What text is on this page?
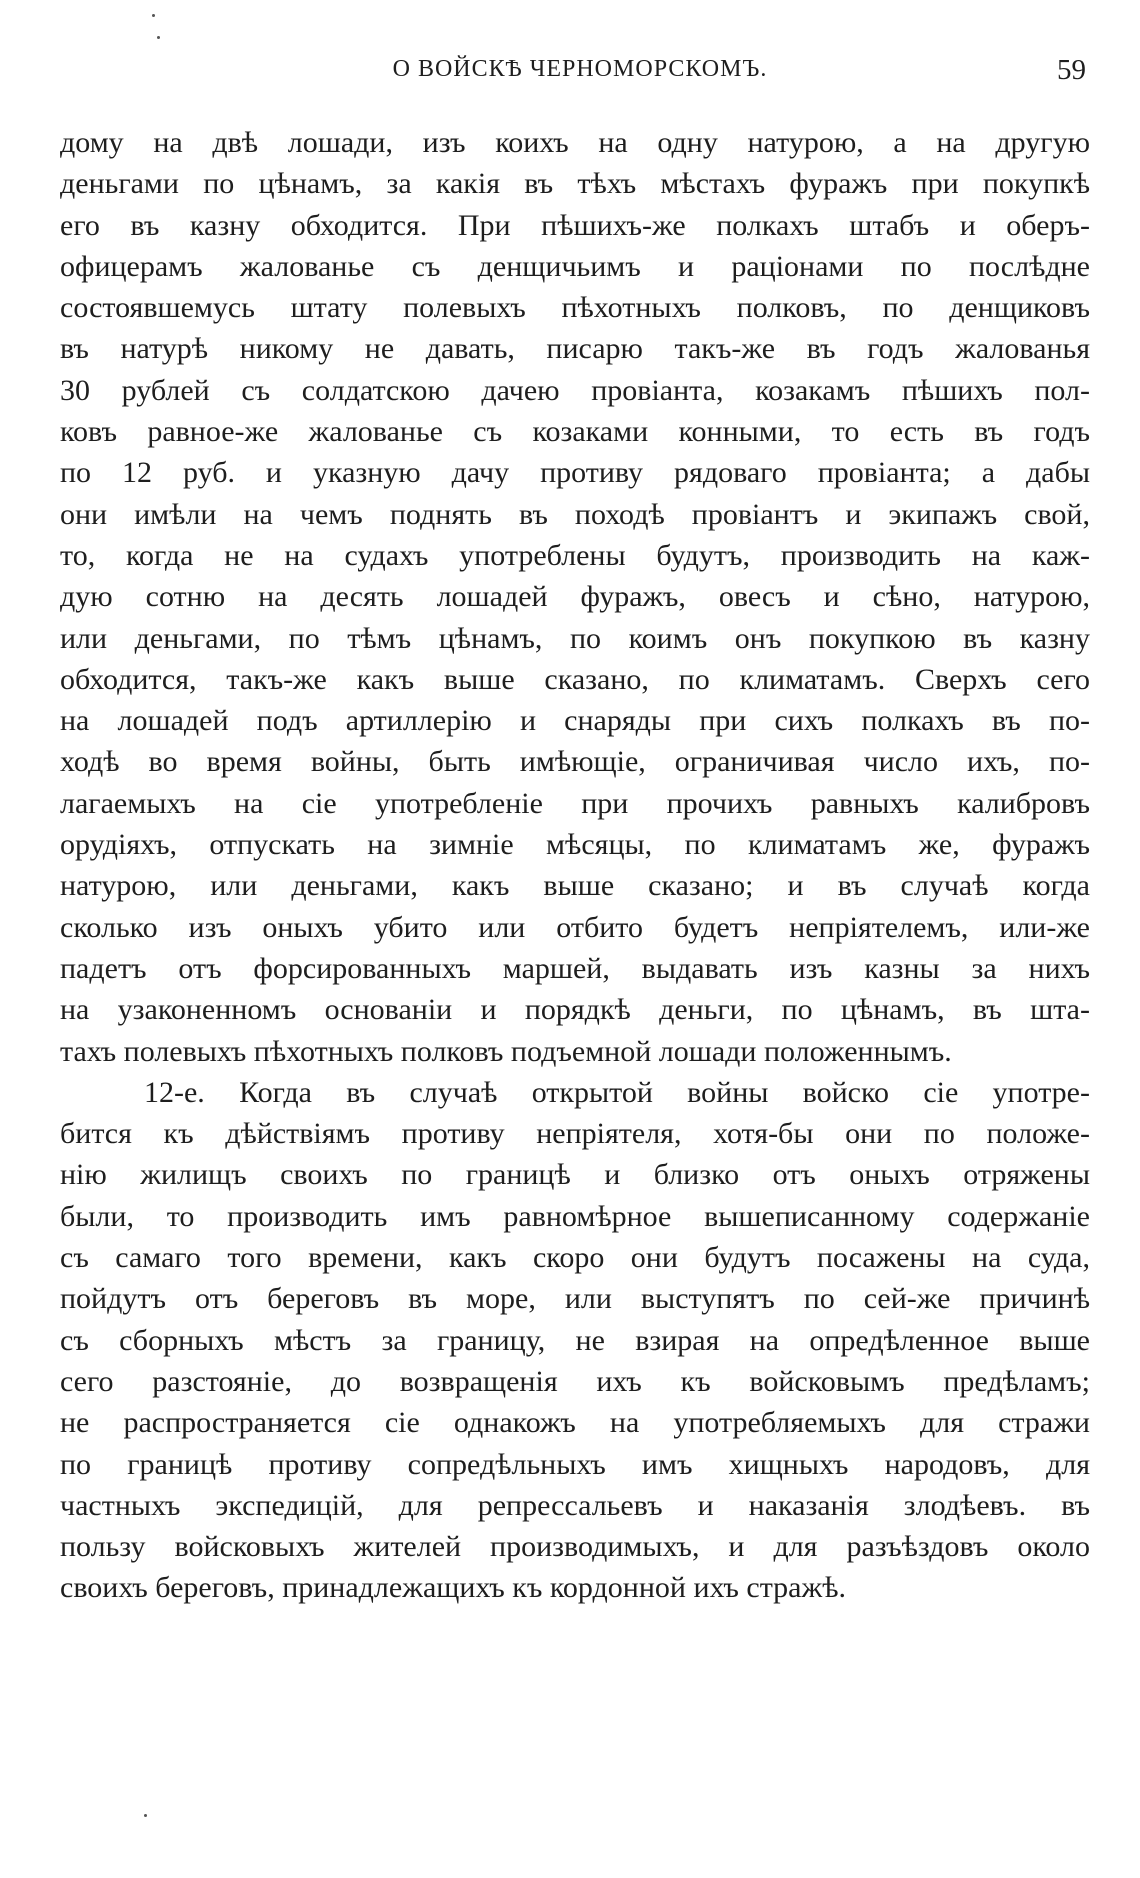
О ВОЙСКѢ ЧЕРНОМОРСКОМЪ.	59
дому на двѣ лошади, изъ коихъ на одну натурою, а на другую
деньгами по цѣнамъ, за какія въ тѣхъ мѣстахъ фуражъ при покупкѣ
его въ казну обходится. При пѣшихъ-же полкахъ штабъ и оберъ-
офицерамъ жалованье съ денщичьимъ и раціонами по послѣдне
состоявшемусь штату полевыхъ пѣхотныхъ полковъ, по денщиковъ
въ натурѣ никому не давать, писарю такъ-же въ годъ жалованья
30 рублей съ солдатскою дачею провіанта, козакамъ пѣшихъ пол-
ковъ равное-же жалованье съ козаками конными, то есть въ годъ
по 12 руб. и указную дачу противу рядоваго провіанта; а дабы
они имѣли на чемъ поднять въ походѣ провіантъ и экипажъ свой,
то, когда не на судахъ употреблены будутъ, производить на каж-
дую сотню на десять лошадей фуражъ, овесъ и сѣно, натурою,
или деньгами, по тѣмъ цѣнамъ, по коимъ онъ покупкою въ казну
обходится, такъ-же какъ выше сказано, по климатамъ. Сверхъ сего
на лошадей подъ артиллерію и снаряды при сихъ полкахъ въ по-
ходѣ во время войны, быть имѣющіе, ограничивая число ихъ, по-
лагаемыхъ на сіе употребленіе при прочихъ равныхъ калибровъ
орудіяхъ, отпускать на зимніе мѣсяцы, по климатамъ же, фуражъ
натурою, или деньгами, какъ выше сказано; и въ случаѣ когда
сколько изъ оныхъ убито или отбито будетъ непріятелемъ, или-же
падетъ отъ форсированныхъ маршей, выдавать изъ казны за нихъ
на узаконенномъ основаніи и порядкѣ деньги, по цѣнамъ, въ шта-
тахъ полевыхъ пѣхотныхъ полковъ подъемной лошади положеннымъ.
12-е. Когда въ случаѣ открытой войны войско сіе употре-
бится къ дѣйствіямъ противу непріятеля, хотя-бы они по положе-
нію жилищъ своихъ по границѣ и близко отъ оныхъ отряжены
были, то производить имъ равномѣрное вышеписанному содержаніе
съ самаго того времени, какъ скоро они будутъ посажены на суда,
пойдутъ отъ береговъ въ море, или выступятъ по сей-же причинѣ
съ сборныхъ мѣстъ за границу, не взирая на опредѣленное выше
сего разстояніе, до возвращенія ихъ къ войсковымъ предѣламъ;
не распространяется сіе однакожъ на употребляемыхъ для стражи
по границѣ противу сопредѣльныхъ имъ хищныхъ народовъ, для
частныхъ экспедицій, для репрессальевъ и наказанія злодѣевъ. въ
пользу войсковыхъ жителей производимыхъ, и для разъѣздовъ около
своихъ береговъ, принадлежащихъ къ кордонной ихъ стражѣ.
